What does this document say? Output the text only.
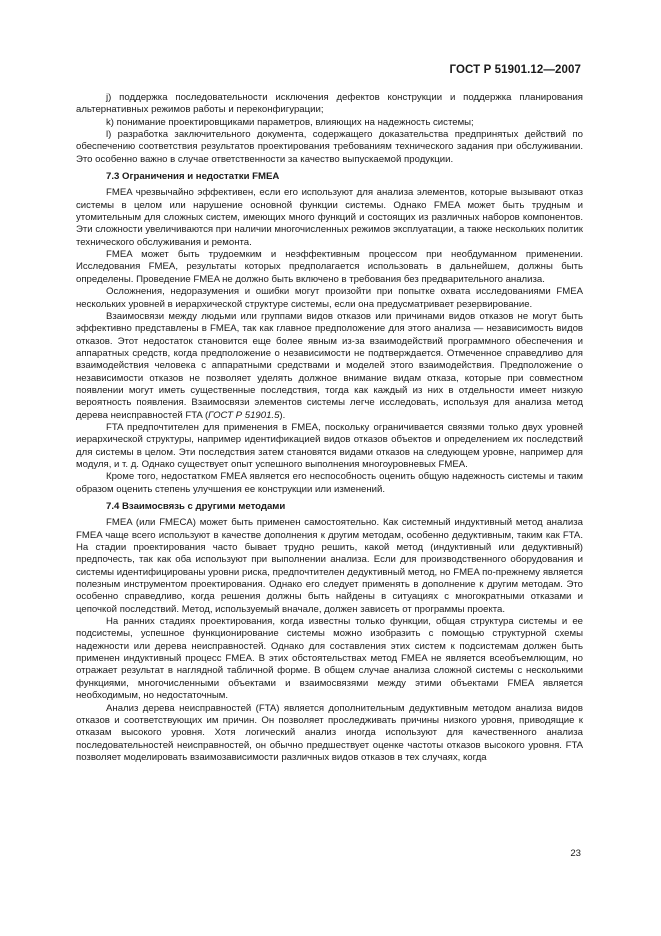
ГОСТ Р 51901.12—2007

j) поддержка последовательности исключения дефектов конструкции и поддержка планирования альтернативных режимов работы и переконфигурации;

k) понимание проектировщиками параметров, влияющих на надежность системы;

l) разработка заключительного документа, содержащего доказательства предпринятых действий по обеспечению соответствия результатов проектирования требованиям технического задания при обслуживании. Это особенно важно в случае ответственности за качество выпускаемой продукции.

7.3 Ограничения и недостатки FMEA

FMEA чрезвычайно эффективен, если его используют для анализа элементов, которые вызывают отказ системы в целом или нарушение основной функции системы. Однако FMEA может быть трудным и утомительным для сложных систем, имеющих много функций и состоящих из различных наборов компонентов. Эти сложности увеличиваются при наличии многочисленных режимов эксплуатации, а также нескольких политик технического обслуживания и ремонта.

FMEA может быть трудоемким и неэффективным процессом при необдуманном применении. Исследования FMEA, результаты которых предполагается использовать в дальнейшем, должны быть определены. Проведение FMEA не должно быть включено в требования без предварительного анализа.

Осложнения, недоразумения и ошибки могут произойти при попытке охвата исследованиями FMEA нескольких уровней в иерархической структуре системы, если она предусматривает резервирование.

Взаимосвязи между людьми или группами видов отказов или причинами видов отказов не могут быть эффективно представлены в FMEA, так как главное предположение для этого анализа — независимость видов отказов. Этот недостаток становится еще более явным из-за взаимодействий программного обеспечения и аппаратных средств, когда предположение о независимости не подтверждается. Отмеченное справедливо для взаимодействия человека с аппаратными средствами и моделей этого взаимодействия. Предположение о независимости отказов не позволяет уделять должное внимание видам отказа, которые при совместном появлении могут иметь существенные последствия, тогда как каждый из них в отдельности имеет низкую вероятность появления. Взаимосвязи элементов системы легче исследовать, используя для анализа метод дерева неисправностей FTA (ГОСТ Р 51901.5).

FTA предпочтителен для применения в FMEA, поскольку ограничивается связями только двух уровней иерархической структуры, например идентификацией видов отказов объектов и определением их последствий для системы в целом. Эти последствия затем становятся видами отказов на следующем уровне, например для модуля, и т. д. Однако существует опыт успешного выполнения многоуровневых FMEA.

Кроме того, недостатком FMEA является его неспособность оценить общую надежность системы и таким образом оценить степень улучшения ее конструкции или изменений.

7.4 Взаимосвязь с другими методами

FMEA (или FMECA) может быть применен самостоятельно. Как системный индуктивный метод анализа FMEA чаще всего используют в качестве дополнения к другим методам, особенно дедуктивным, таким как FTA. На стадии проектирования часто бывает трудно решить, какой метод (индуктивный или дедуктивный) предпочесть, так как оба используют при выполнении анализа. Если для производственного оборудования и системы идентифицированы уровни риска, предпочтителен дедуктивный метод, но FMEA по-прежнему является полезным инструментом проектирования. Однако его следует применять в дополнение к другим методам. Это особенно справедливо, когда решения должны быть найдены в ситуациях с многократными отказами и цепочкой последствий. Метод, используемый вначале, должен зависеть от программы проекта.

На ранних стадиях проектирования, когда известны только функции, общая структура системы и ее подсистемы, успешное функционирование системы можно изобразить с помощью структурной схемы надежности или дерева неисправностей. Однако для составления этих систем к подсистемам должен быть применен индуктивный процесс FMEA. В этих обстоятельствах метод FMEA не является всеобъемлющим, но отражает результат в наглядной табличной форме. В общем случае анализа сложной системы с несколькими функциями, многочисленными объектами и взаимосвязями между этими объектами FMEA является необходимым, но недостаточным.

Анализ дерева неисправностей (FTA) является дополнительным дедуктивным методом анализа видов отказов и соответствующих им причин. Он позволяет проследживать причины низкого уровня, приводящие к отказам высокого уровня. Хотя логический анализ иногда используют для качественного анализа последовательностей неисправностей, он обычно предшествует оценке частоты отказов высокого уровня. FTA позволяет моделировать взаимозависимости различных видов отказов в тех случаях, когда

23
